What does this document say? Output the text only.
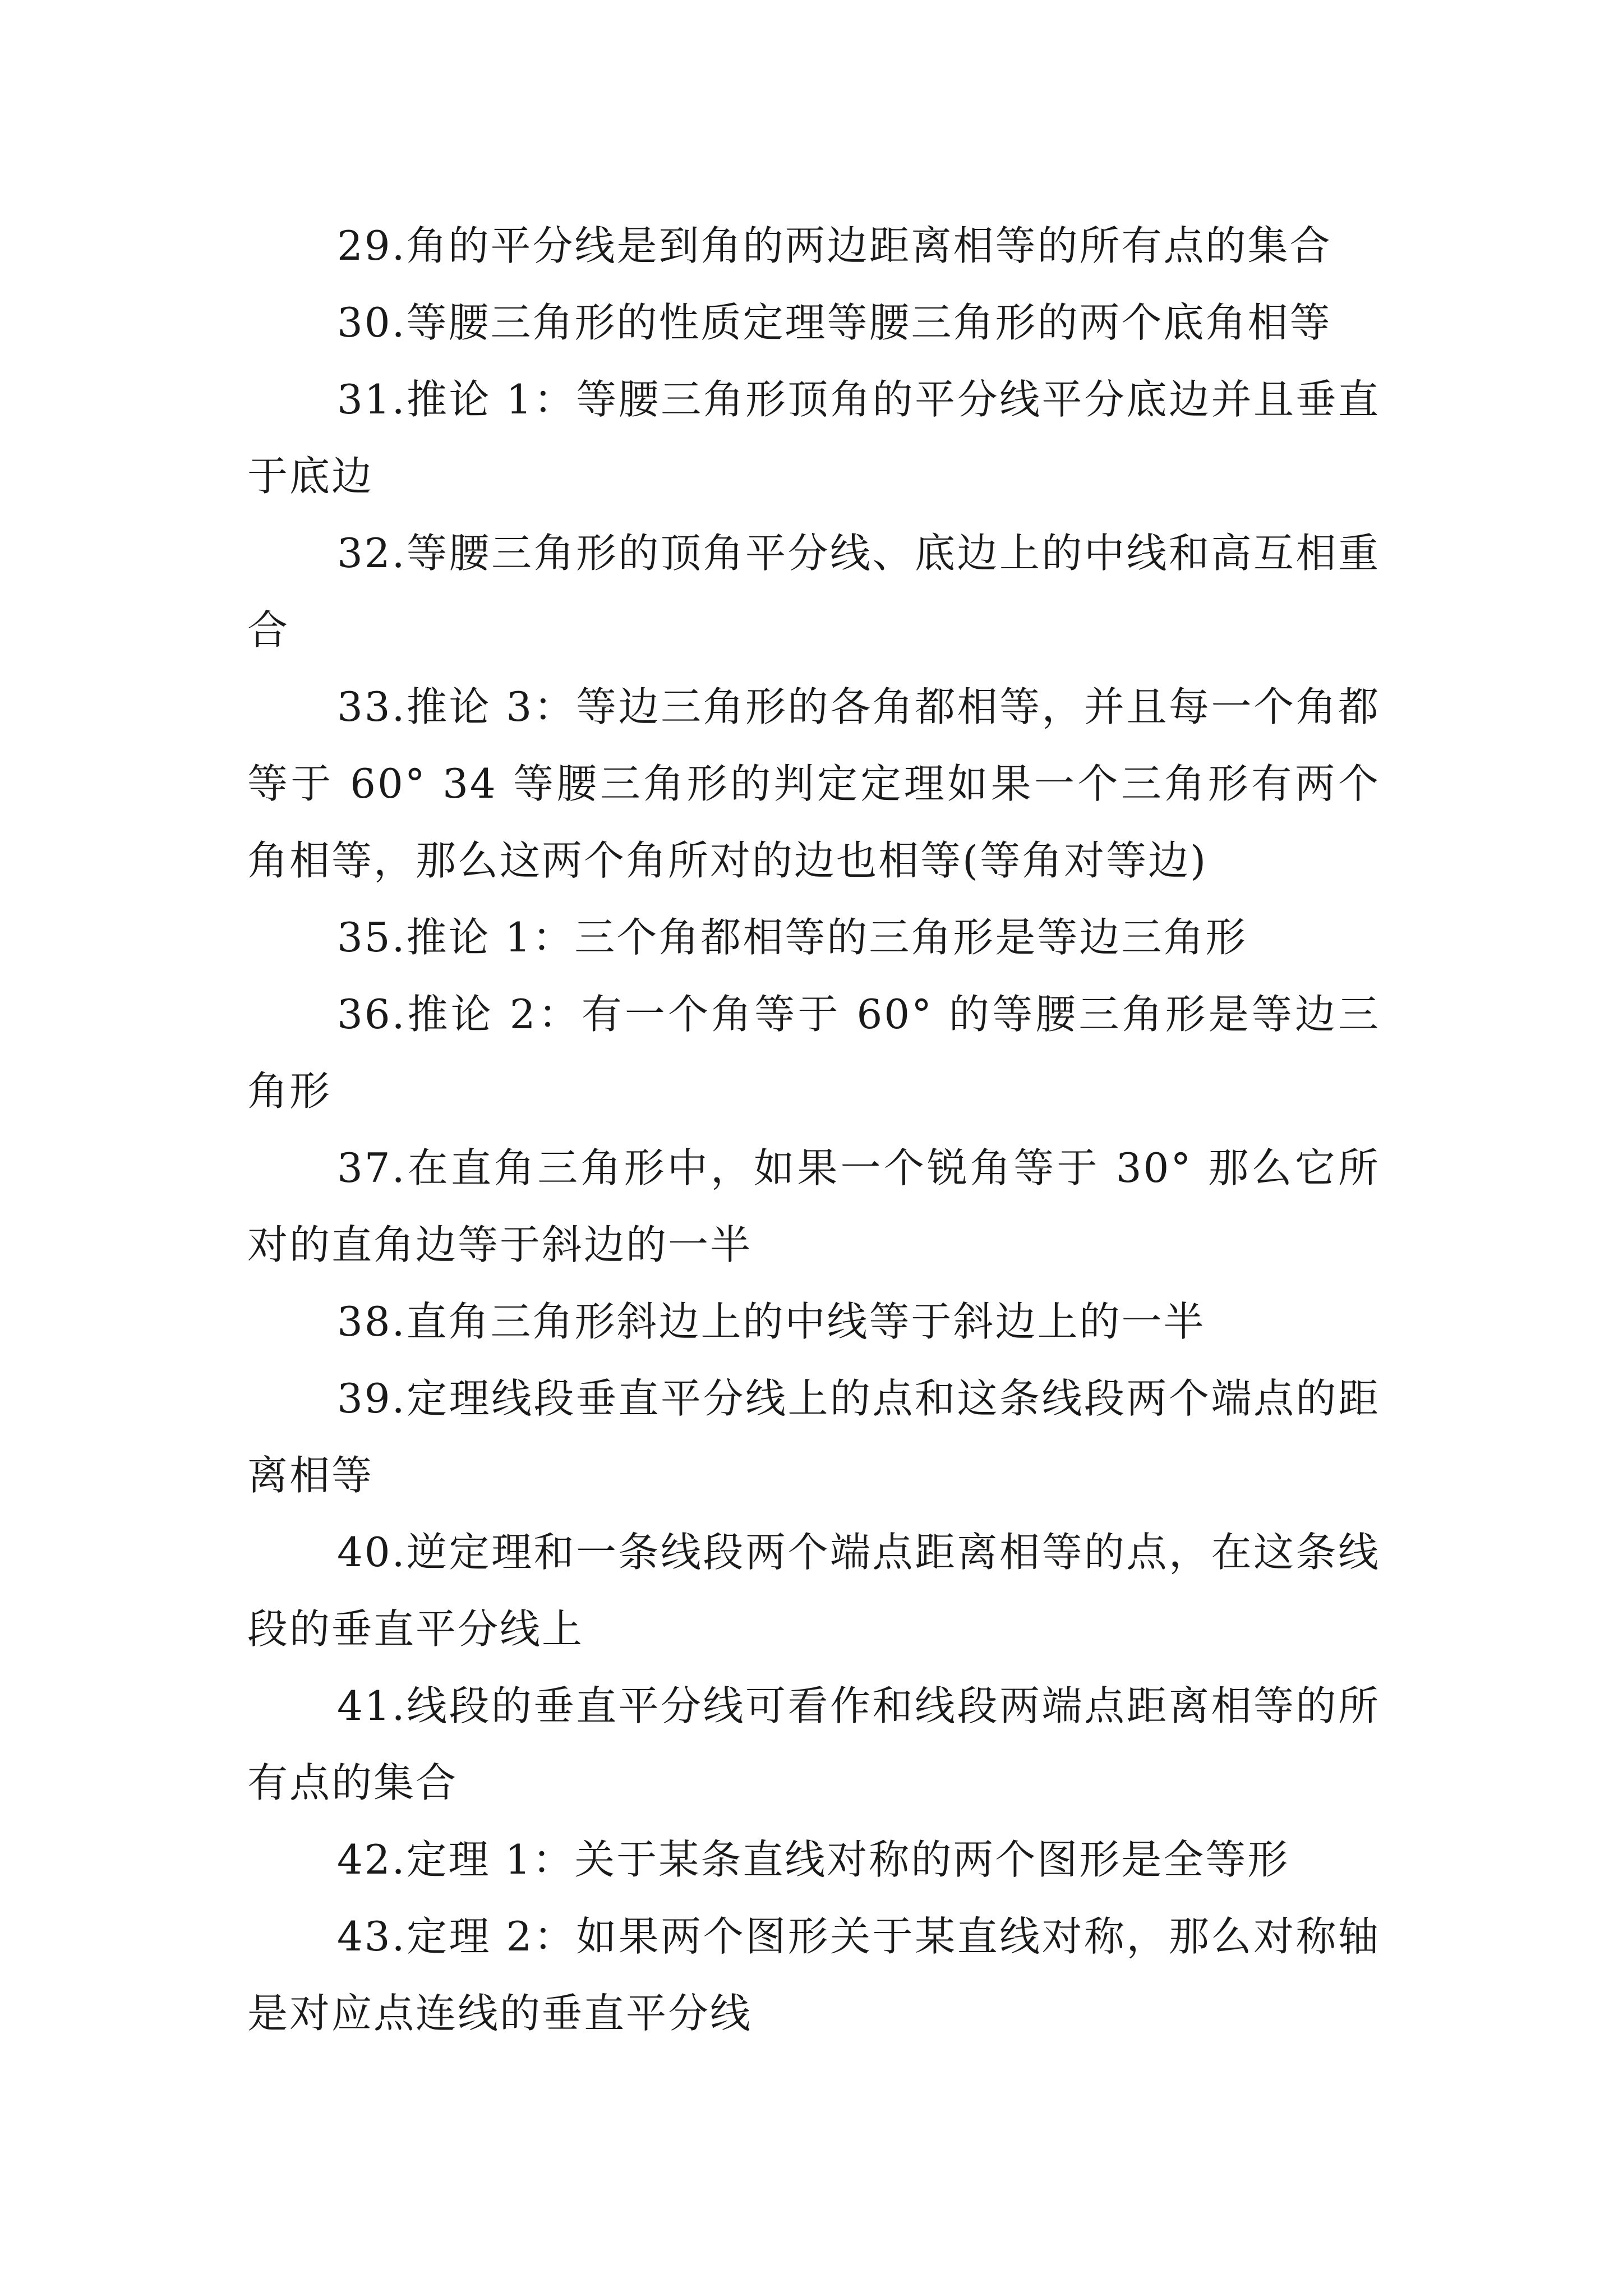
29.角的平分线是到角的两边距离相等的所有点的集合

30.等腰三角形的性质定理等腰三角形的两个底角相等

31.推论 1：等腰三角形顶角的平分线平分底边并且垂直于底边

32.等腰三角形的顶角平分线、底边上的中线和高互相重合

33.推论 3：等边三角形的各角都相等，并且每一个角都等于 60° 34 等腰三角形的判定定理如果一个三角形有两个角相等，那么这两个角所对的边也相等(等角对等边)

35.推论 1：三个角都相等的三角形是等边三角形

36.推论 2：有一个角等于 60° 的等腰三角形是等边三角形

37.在直角三角形中，如果一个锐角等于 30° 那么它所对的直角边等于斜边的一半

38.直角三角形斜边上的中线等于斜边上的一半

39.定理线段垂直平分线上的点和这条线段两个端点的距离相等

40.逆定理和一条线段两个端点距离相等的点，在这条线段的垂直平分线上

41.线段的垂直平分线可看作和线段两端点距离相等的所有点的集合

42.定理 1：关于某条直线对称的两个图形是全等形

43.定理 2：如果两个图形关于某直线对称，那么对称轴是对应点连线的垂直平分线
